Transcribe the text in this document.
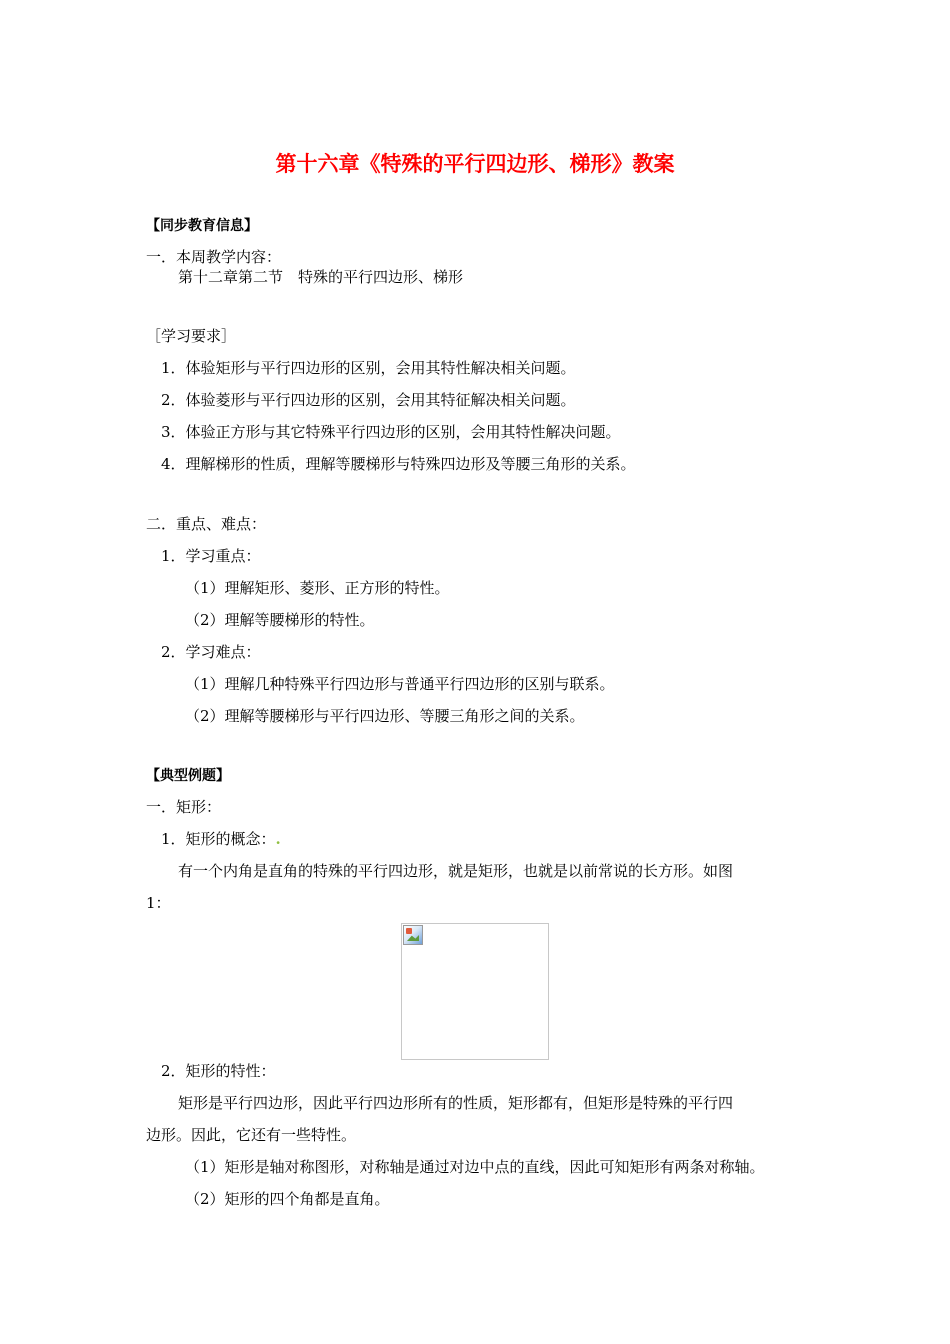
第十六章《特殊的平行四边形、梯形》教案
【同步教育信息】
一．本周教学内容：
第十二章第二节　特殊的平行四边形、梯形
［学习要求］
1．体验矩形与平行四边形的区别，会用其特性解决相关问题。
2．体验菱形与平行四边形的区别，会用其特征解决相关问题。
3．体验正方形与其它特殊平行四边形的区别，会用其特性解决问题。
4．理解梯形的性质，理解等腰梯形与特殊四边形及等腰三角形的关系。
二．重点、难点：
1．学习重点：
（1）理解矩形、菱形、正方形的特性。
（2）理解等腰梯形的特性。
2．学习难点：
（1）理解几种特殊平行四边形与普通平行四边形的区别与联系。
（2）理解等腰梯形与平行四边形、等腰三角形之间的关系。
【典型例题】
一．矩形：
1．矩形的概念：.
有一个内角是直角的特殊的平行四边形，就是矩形，也就是以前常说的长方形。如图
1：
2．矩形的特性：
矩形是平行四边形，因此平行四边形所有的性质，矩形都有，但矩形是特殊的平行四
边形。因此，它还有一些特性。
（1）矩形是轴对称图形，对称轴是通过对边中点的直线，因此可知矩形有两条对称轴。
（2）矩形的四个角都是直角。
